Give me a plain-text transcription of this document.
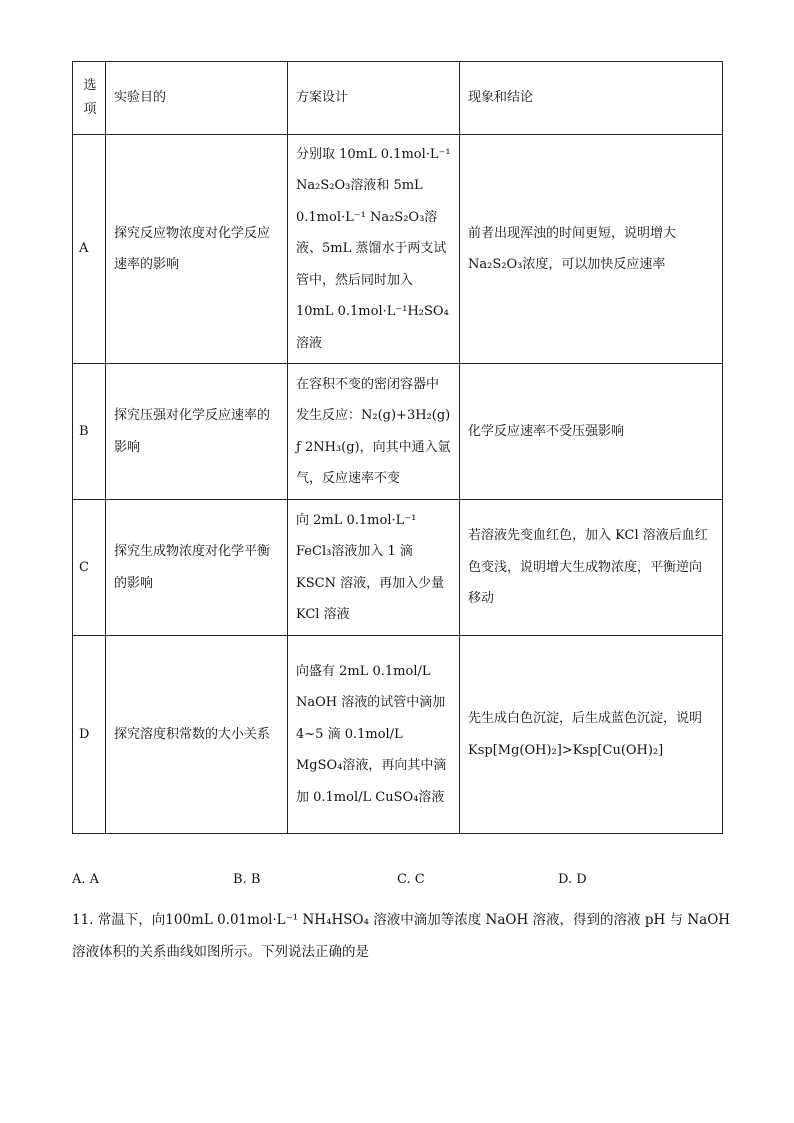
选项	实验目的	方案设计	现象和结论
A	探究反应物浓度对化学反应速率的影响	分别取 10mL 0.1mol·L⁻¹ Na₂S₂O₃溶液和 5mL 0.1mol·L⁻¹ Na₂S₂O₃溶液、5mL 蒸馏水于两支试管中，然后同时加入 10mL 0.1mol·L⁻¹H₂SO₄溶液	前者出现浑浊的时间更短，说明增大Na₂S₂O₃浓度，可以加快反应速率
B	探究压强对化学反应速率的影响	在容积不变的密闭容器中发生反应：N₂(g)+3H₂(g) ƒ 2NH₃(g)，向其中通入氩气，反应速率不变	化学反应速率不受压强影响
C	探究生成物浓度对化学平衡的影响	向 2mL 0.1mol·L⁻¹ FeCl₃溶液加入 1 滴 KSCN 溶液，再加入少量 KCl 溶液	若溶液先变血红色，加入 KCl 溶液后血红色变浅，说明增大生成物浓度，平衡逆向移动
D	探究溶度积常数的大小关系	向盛有 2mL 0.1mol/L NaOH 溶液的试管中滴加 4~5 滴 0.1mol/L MgSO₄溶液，再向其中滴加 0.1mol/L CuSO₄溶液	先生成白色沉淀，后生成蓝色沉淀，说明 Ksp[Mg(OH)₂]>Ksp[Cu(OH)₂]
A. A	B. B	C. C	D. D
11. 常温下，向100mL 0.01mol·L⁻¹ NH₄HSO₄ 溶液中滴加等浓度 NaOH 溶液，得到的溶液 pH 与 NaOH 溶液体积的关系曲线如图所示。下列说法正确的是
